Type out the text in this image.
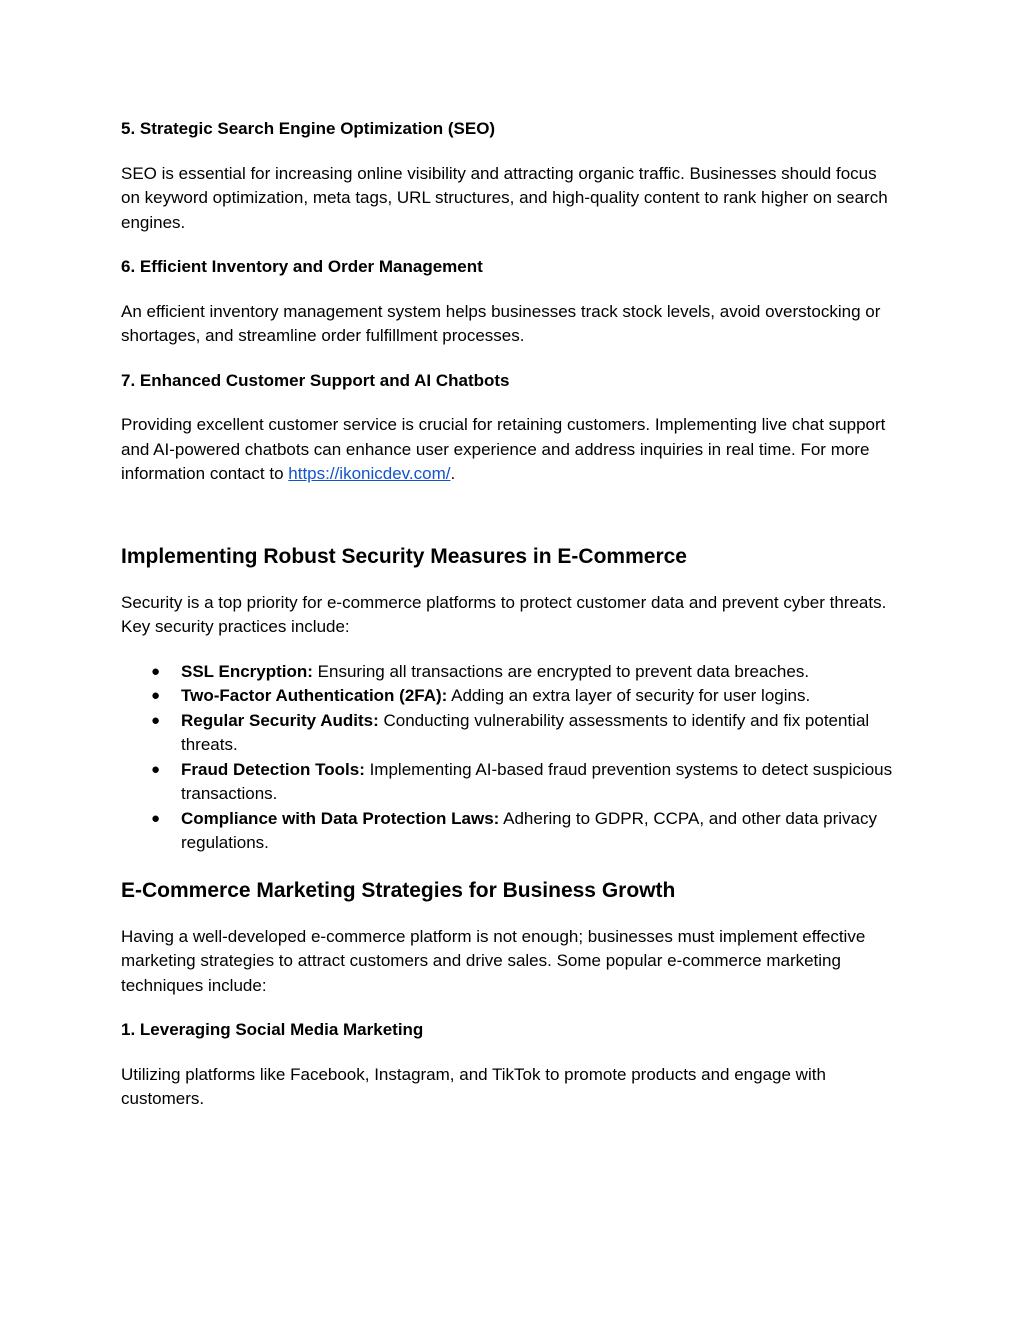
5. Strategic Search Engine Optimization (SEO)

SEO is essential for increasing online visibility and attracting organic traffic. Businesses should focus on keyword optimization, meta tags, URL structures, and high-quality content to rank higher on search engines.

6. Efficient Inventory and Order Management

An efficient inventory management system helps businesses track stock levels, avoid overstocking or shortages, and streamline order fulfillment processes.

7. Enhanced Customer Support and AI Chatbots

Providing excellent customer service is crucial for retaining customers. Implementing live chat support and AI-powered chatbots can enhance user experience and address inquiries in real time. For more information contact to https://ikonicdev.com/.

Implementing Robust Security Measures in E-Commerce

Security is a top priority for e-commerce platforms to protect customer data and prevent cyber threats. Key security practices include:

● SSL Encryption: Ensuring all transactions are encrypted to prevent data breaches.
● Two-Factor Authentication (2FA): Adding an extra layer of security for user logins.
● Regular Security Audits: Conducting vulnerability assessments to identify and fix potential threats.
● Fraud Detection Tools: Implementing AI-based fraud prevention systems to detect suspicious transactions.
● Compliance with Data Protection Laws: Adhering to GDPR, CCPA, and other data privacy regulations.
E-Commerce Marketing Strategies for Business Growth

Having a well-developed e-commerce platform is not enough; businesses must implement effective marketing strategies to attract customers and drive sales. Some popular e-commerce marketing techniques include:

1. Leveraging Social Media Marketing

Utilizing platforms like Facebook, Instagram, and TikTok to promote products and engage with customers.
